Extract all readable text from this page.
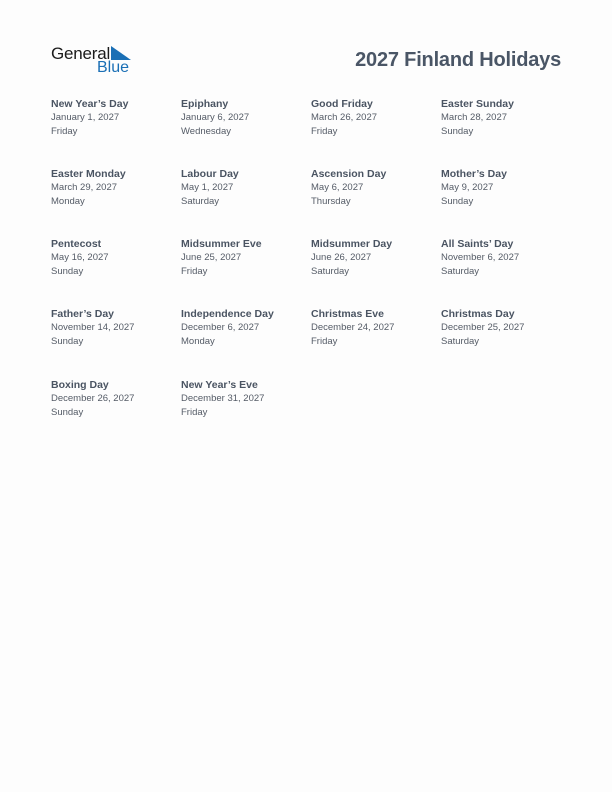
General
Blue	2027 Finland Holidays
New Year’s Day
January 1, 2027
Friday
Epiphany
January 6, 2027
Wednesday
Good Friday
March 26, 2027
Friday
Easter Sunday
March 28, 2027
Sunday
Easter Monday
March 29, 2027
Monday
Labour Day
May 1, 2027
Saturday
Ascension Day
May 6, 2027
Thursday
Mother’s Day
May 9, 2027
Sunday
Pentecost
May 16, 2027
Sunday
Midsummer Eve
June 25, 2027
Friday
Midsummer Day
June 26, 2027
Saturday
All Saints’ Day
November 6, 2027
Saturday
Father’s Day
November 14, 2027
Sunday
Independence Day
December 6, 2027
Monday
Christmas Eve
December 24, 2027
Friday
Christmas Day
December 25, 2027
Saturday
Boxing Day
December 26, 2027
Sunday
New Year’s Eve
December 31, 2027
Friday
